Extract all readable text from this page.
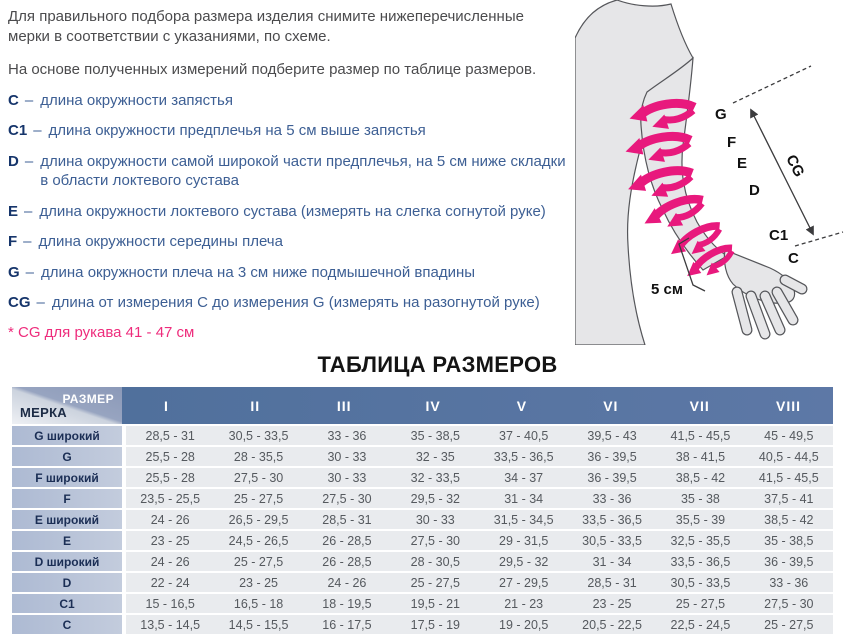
Для правильного подбора размера изделия снимите нижеперечисленные мерки в соответствии с указаниями, по схеме.

На основе полученных измерений подберите размер по таблице размеров.

C – длина окружности запястья
C1 – длина окружности предплечья на 5 см выше запястья
D – длина окружности самой широкой части предплечья, на 5 см ниже складки в области локтевого сустава
E – длина окружности локтевого сустава (измерять на слегка согнутой руке)
F – длина окружности середины плеча
G – длина окружности плеча на 3 см ниже подмышечной впадины
CG – длина от измерения C до измерения G (измерять на разогнутой руке)

* CG для рукава 41 - 47 см

G
F
E
D
C1
C
CG
5 см
ТАБЛИЦА РАЗМЕРОВ
РАЗМЕР
МЕРКА	I	II	III	IV	V	VI	VII	VIII
G широкий	28,5 - 31	30,5 - 33,5	33 - 36	35 - 38,5	37 - 40,5	39,5 - 43	41,5 - 45,5	45 - 49,5
G	25,5 - 28	28 - 35,5	30 - 33	32 - 35	33,5 - 36,5	36 - 39,5	38 - 41,5	40,5 - 44,5
F широкий	25,5 - 28	27,5 - 30	30 - 33	32 - 33,5	34 - 37	36 - 39,5	38,5 - 42	41,5 - 45,5
F	23,5 - 25,5	25 - 27,5	27,5 - 30	29,5 - 32	31 - 34	33 - 36	35 - 38	37,5 - 41
E широкий	24 - 26	26,5 - 29,5	28,5 - 31	30 - 33	31,5 - 34,5	33,5 - 36,5	35,5 - 39	38,5 - 42
E	23 - 25	24,5 - 26,5	26 - 28,5	27,5 - 30	29 - 31,5	30,5 - 33,5	32,5 - 35,5	35 - 38,5
D широкий	24 - 26	25 - 27,5	26 - 28,5	28 - 30,5	29,5 - 32	31 - 34	33,5 - 36,5	36 - 39,5
D	22 - 24	23 - 25	24 - 26	25 - 27,5	27 - 29,5	28,5 - 31	30,5 - 33,5	33 - 36
C1	15 - 16,5	16,5 - 18	18 - 19,5	19,5 - 21	21 - 23	23 - 25	25 - 27,5	27,5 - 30
C	13,5 - 14,5	14,5 - 15,5	16 - 17,5	17,5 - 19	19 - 20,5	20,5 - 22,5	22,5 - 24,5	25 - 27,5
